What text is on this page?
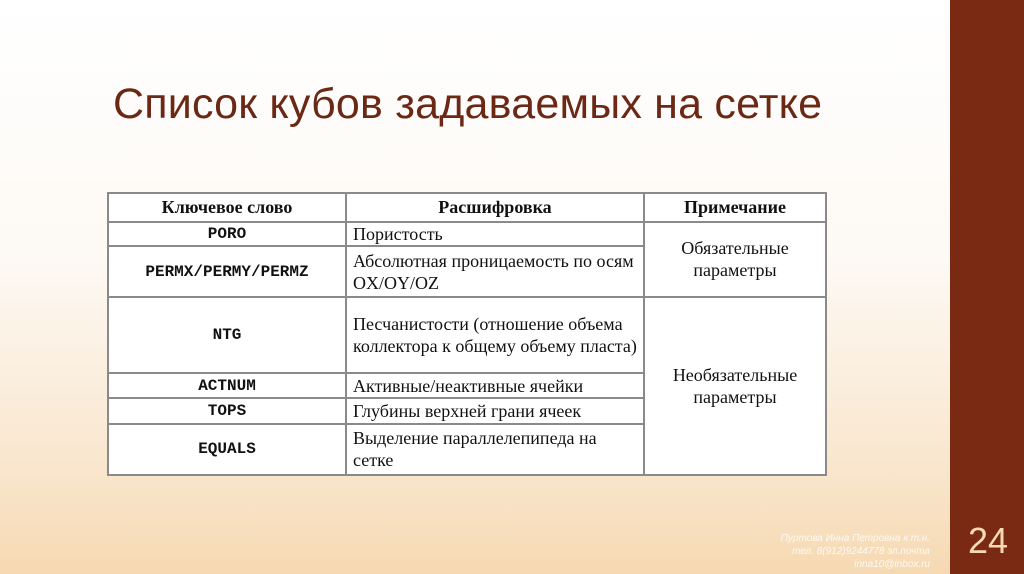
Список кубов задаваемых на сетке
Ключевое слово	Расшифровка	Примечание
PORO	Пористость	Обязательные параметры
PERMX/PERMY/PERMZ	Абсолютная проницаемость по осям OX/OY/OZ	
NTG	Песчанистости (отношение объема коллектора к общему объему пласта)	Необязательные параметры
ACTNUM	Активные/неактивные ячейки	
TOPS	Глубины верхней грани ячеек	
EQUALS	Выделение параллелепипеда на сетке	
Пуртова Инна Петровна к.т.н.
тел. 8(912)9244778 эл.почта
inna10@inbox.ru
24
